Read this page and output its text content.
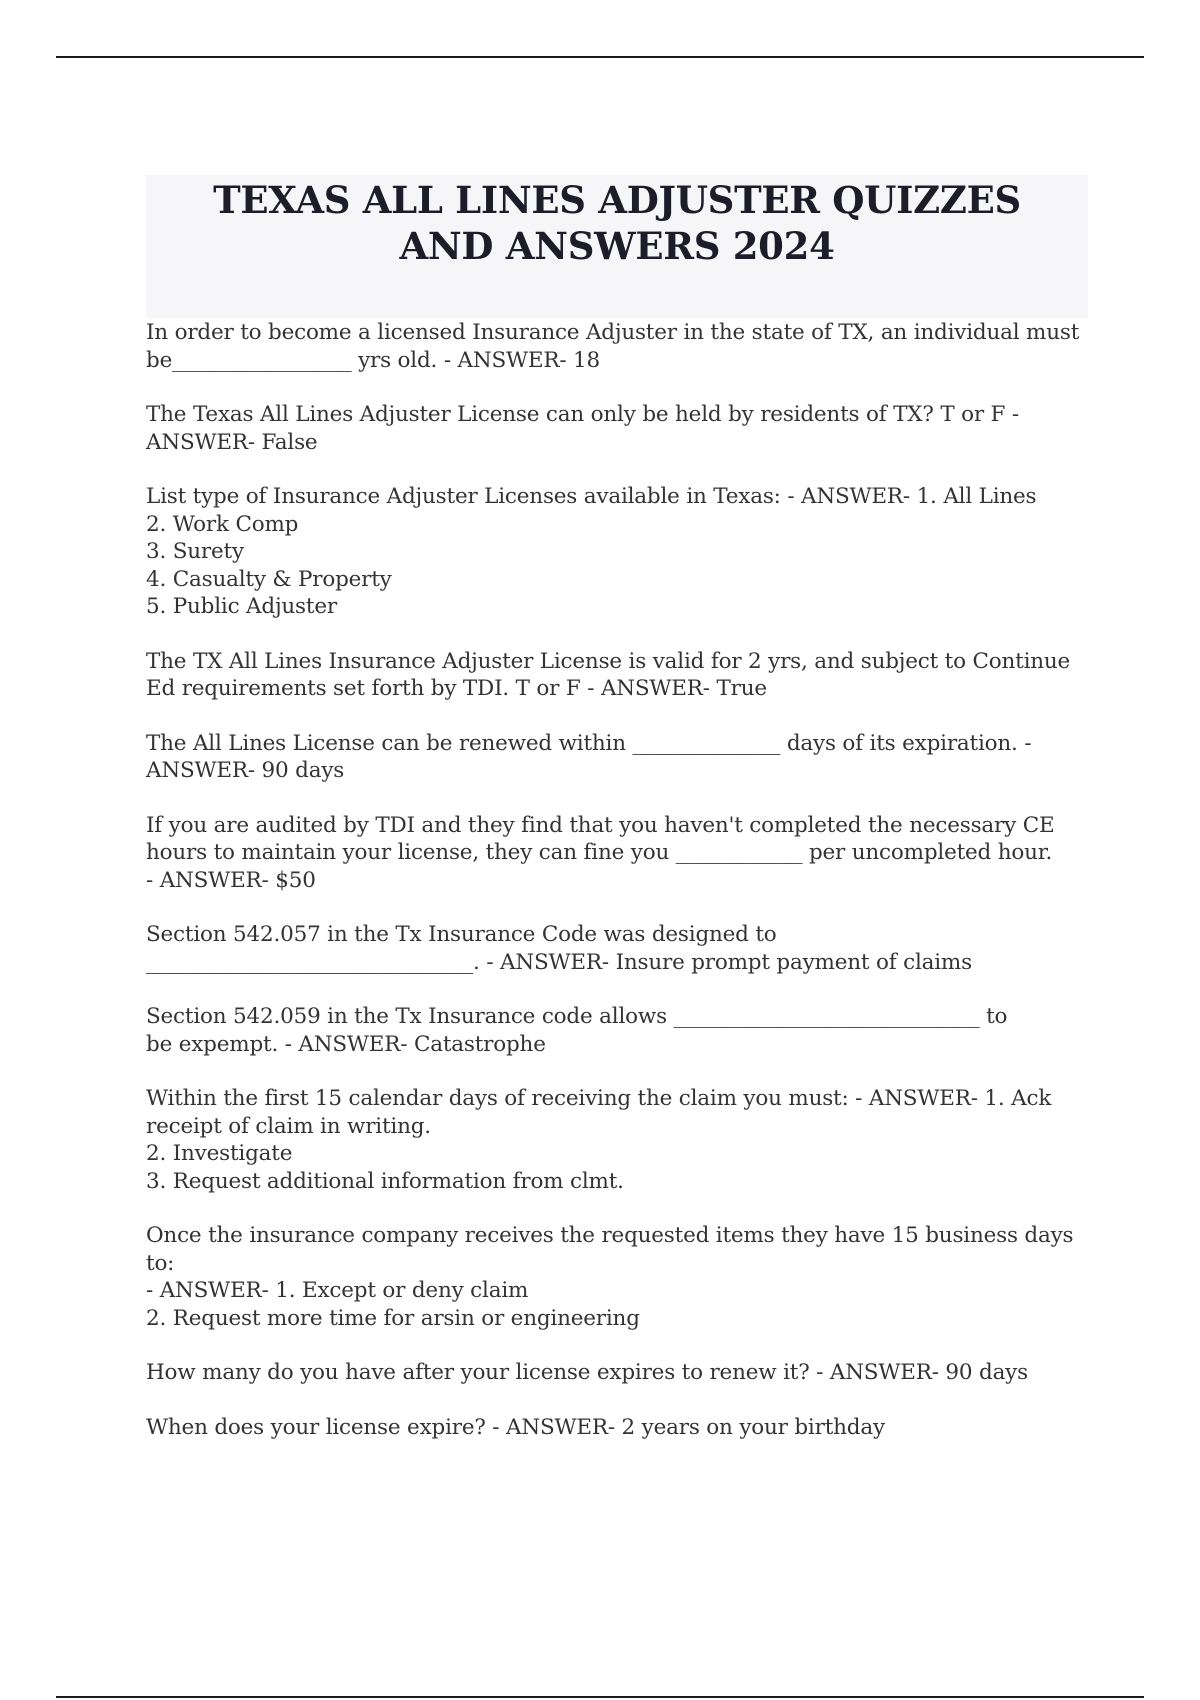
TEXAS ALL LINES ADJUSTER QUIZZES AND ANSWERS 2024
In order to become a licensed Insurance Adjuster in the state of TX, an individual must
be_________________ yrs old. - ANSWER- 18
The Texas All Lines Adjuster License can only be held by residents of TX? T or F -
ANSWER- False
List type of Insurance Adjuster Licenses available in Texas: - ANSWER- 1. All Lines
2. Work Comp
3. Surety
4. Casualty & Property
5. Public Adjuster
The TX All Lines Insurance Adjuster License is valid for 2 yrs, and subject to Continue
Ed requirements set forth by TDI. T or F - ANSWER- True
The All Lines License can be renewed within ______________ days of its expiration. -
ANSWER- 90 days
If you are audited by TDI and they find that you haven't completed the necessary CE
hours to maintain your license, they can fine you ____________ per uncompleted hour.
- ANSWER- $50
Section 542.057 in the Tx Insurance Code was designed to
_______________________________. - ANSWER- Insure prompt payment of claims
Section 542.059 in the Tx Insurance code allows _____________________________ to
be expempt. - ANSWER- Catastrophe
Within the first 15 calendar days of receiving the claim you must: - ANSWER- 1. Ack
receipt of claim in writing.
2. Investigate
3. Request additional information from clmt.
Once the insurance company receives the requested items they have 15 business days to:
- ANSWER- 1. Except or deny claim
2. Request more time for arsin or engineering
How many do you have after your license expires to renew it? - ANSWER- 90 days
When does your license expire? - ANSWER- 2 years on your birthday
